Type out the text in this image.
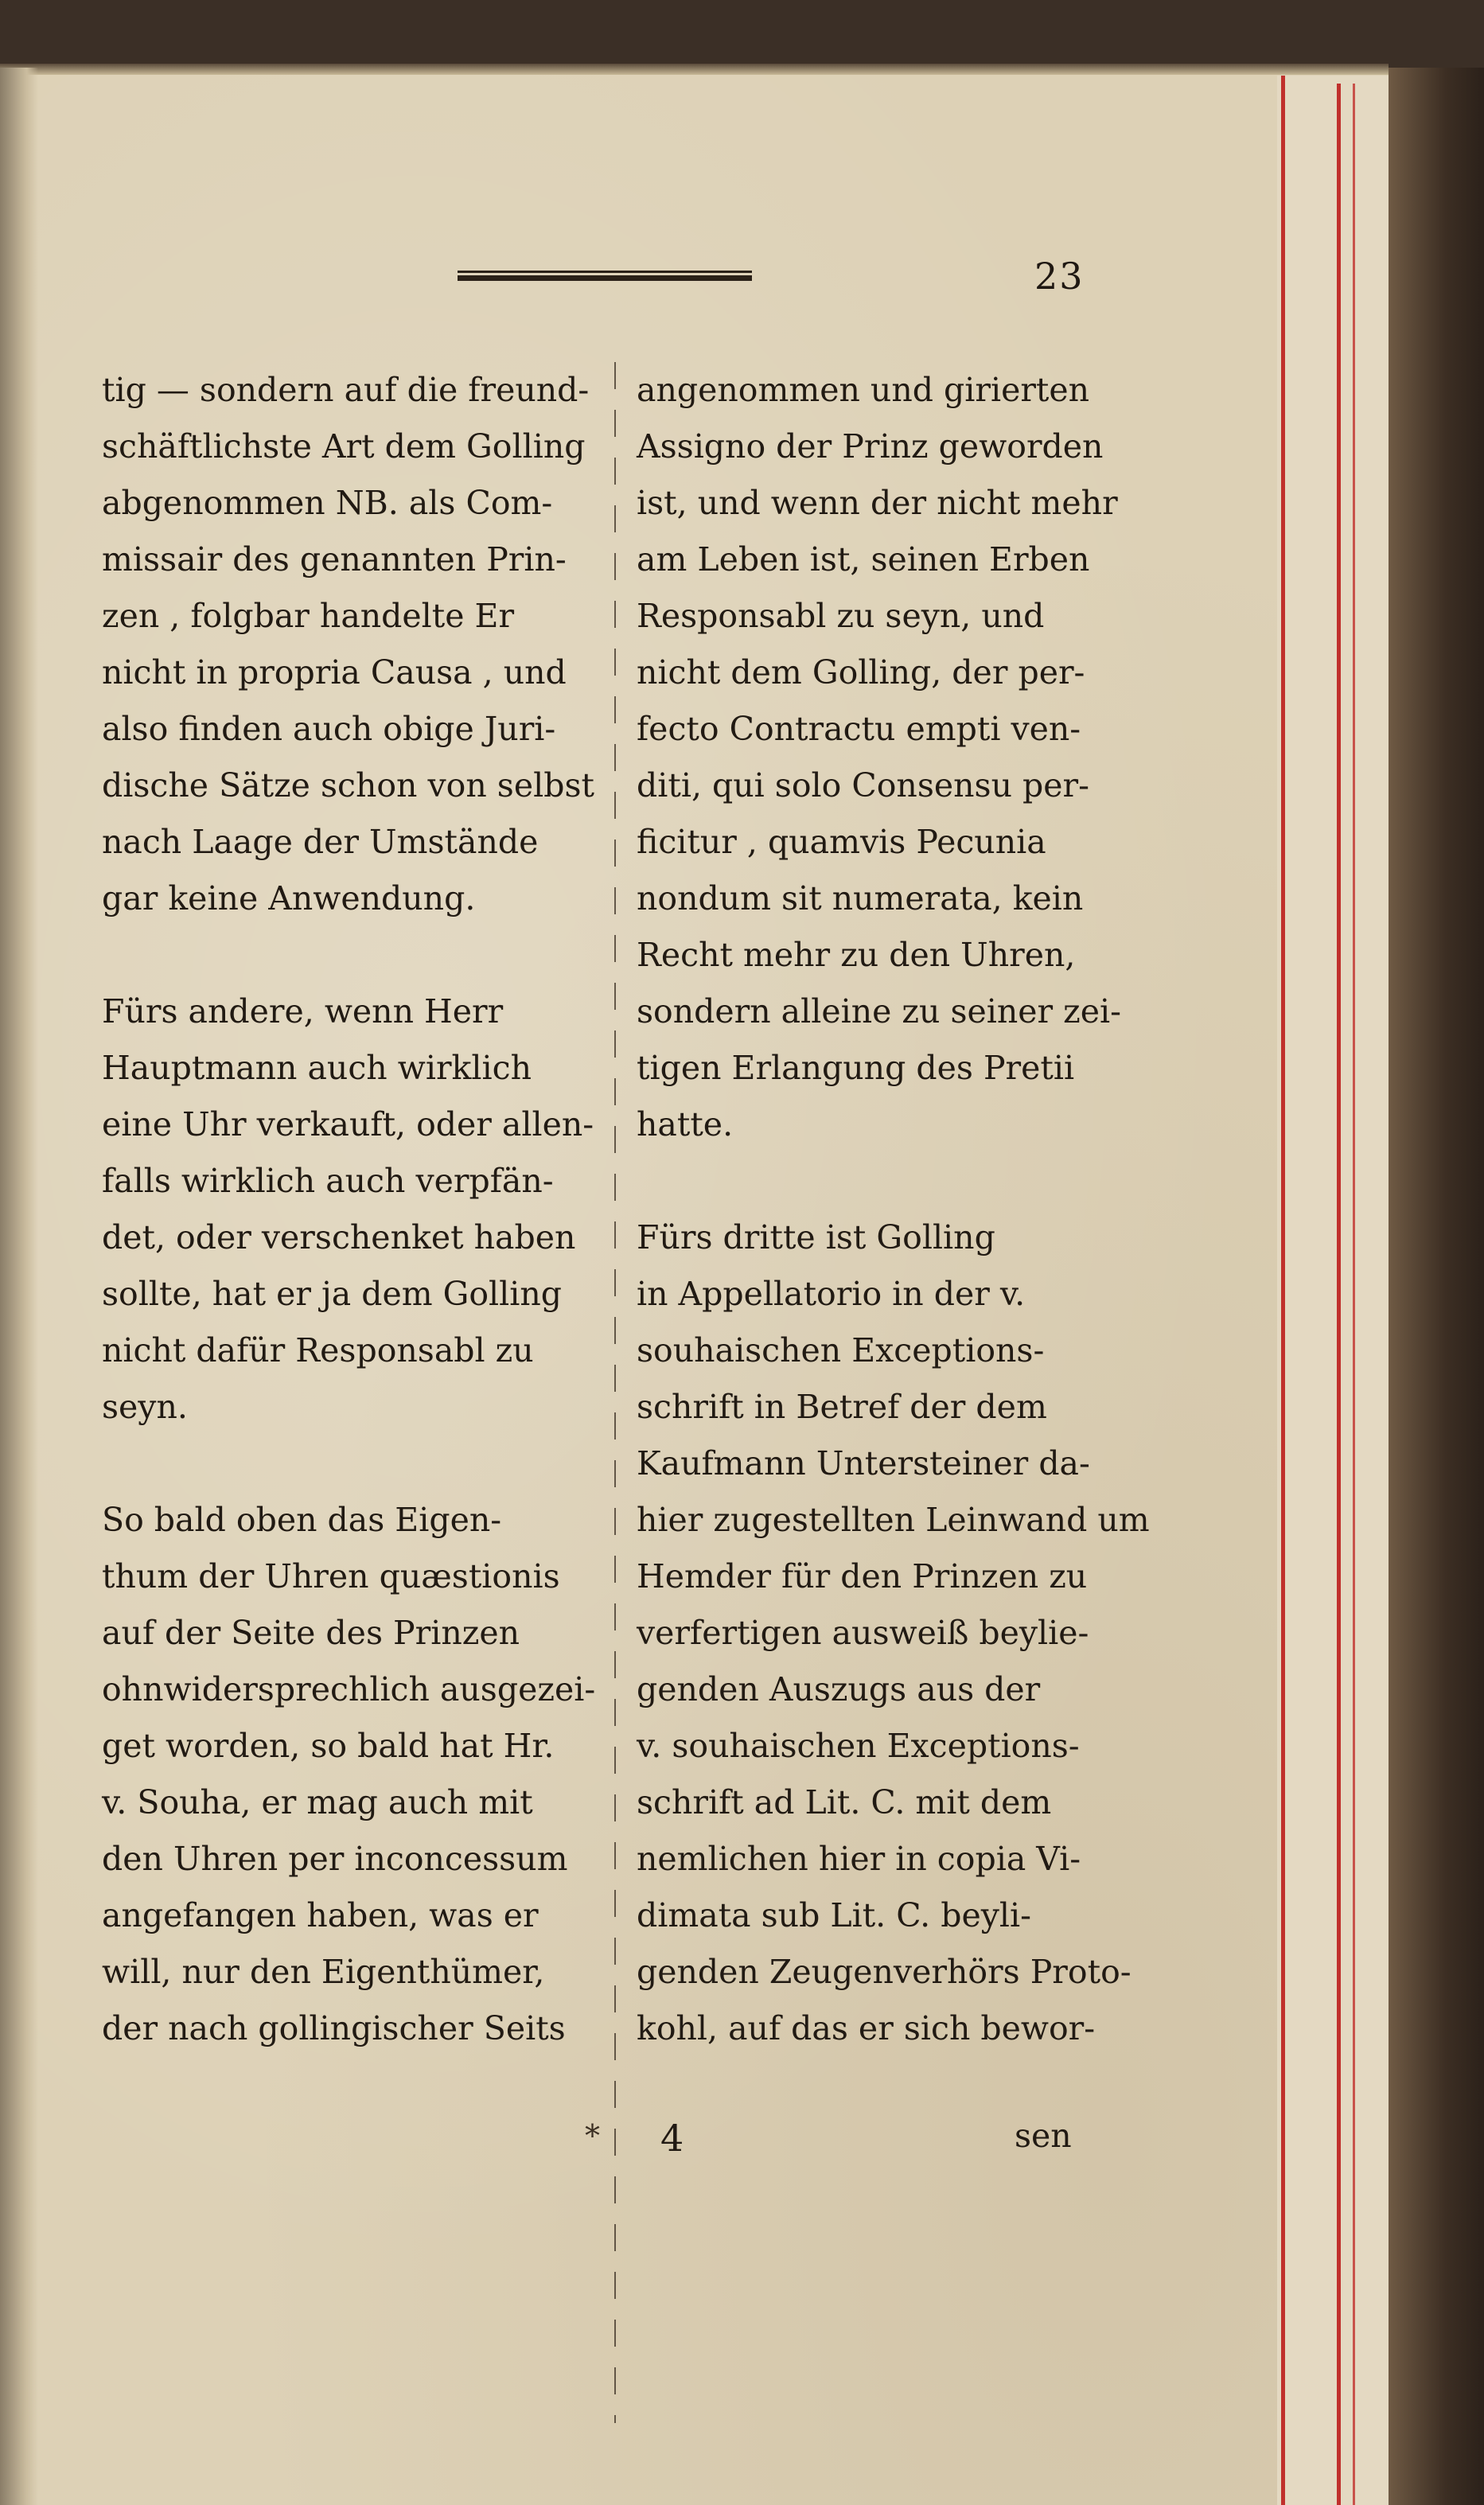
23
tig — sondern auf die freund-
schäftlichste Art dem Golling
abgenommen NB. als Com-
missair des genannten Prin-
zen , folgbar handelte Er
nicht in propria Causa , und
also finden auch obige Juri-
dische Sätze schon von selbst
nach Laage der Umstände
gar keine Anwendung.
Fürs andere, wenn Herr
Hauptmann auch wirklich
eine Uhr verkauft, oder allen-
falls wirklich auch verpfän-
det, oder verschenket haben
sollte, hat er ja dem Golling
nicht dafür Responsabl zu
seyn.
So bald oben das Eigen-
thum der Uhren quæstionis
auf der Seite des Prinzen
ohnwidersprechlich ausgezei-
get worden, so bald hat Hr.
v. Souha, er mag auch mit
den Uhren per inconcessum
angefangen haben, was er
will, nur den Eigenthümer,
der nach gollingischer Seits
angenommen und girierten
Assigno der Prinz geworden
ist, und wenn der nicht mehr
am Leben ist, seinen Erben
Responsabl zu seyn, und
nicht dem Golling, der per-
fecto Contractu empti ven-
diti, qui solo Consensu per-
ficitur , quamvis Pecunia
nondum sit numerata, kein
Recht mehr zu den Uhren,
sondern alleine zu seiner zei-
tigen Erlangung des Pretii
hatte.
Fürs dritte ist Golling
in Appellatorio in der v.
souhaischen Exceptions-
schrift in Betref der dem
Kaufmann Untersteiner da-
hier zugestellten Leinwand um
Hemder für den Prinzen zu
verfertigen ausweiß beylie-
genden Auszugs aus der
v. souhaischen Exceptions-
schrift ad Lit. C. mit dem
nemlichen hier in copia Vi-
dimata sub Lit. C. beyli-
genden Zeugenverhörs Proto-
kohl, auf das er sich bewor-
* 4	sen
